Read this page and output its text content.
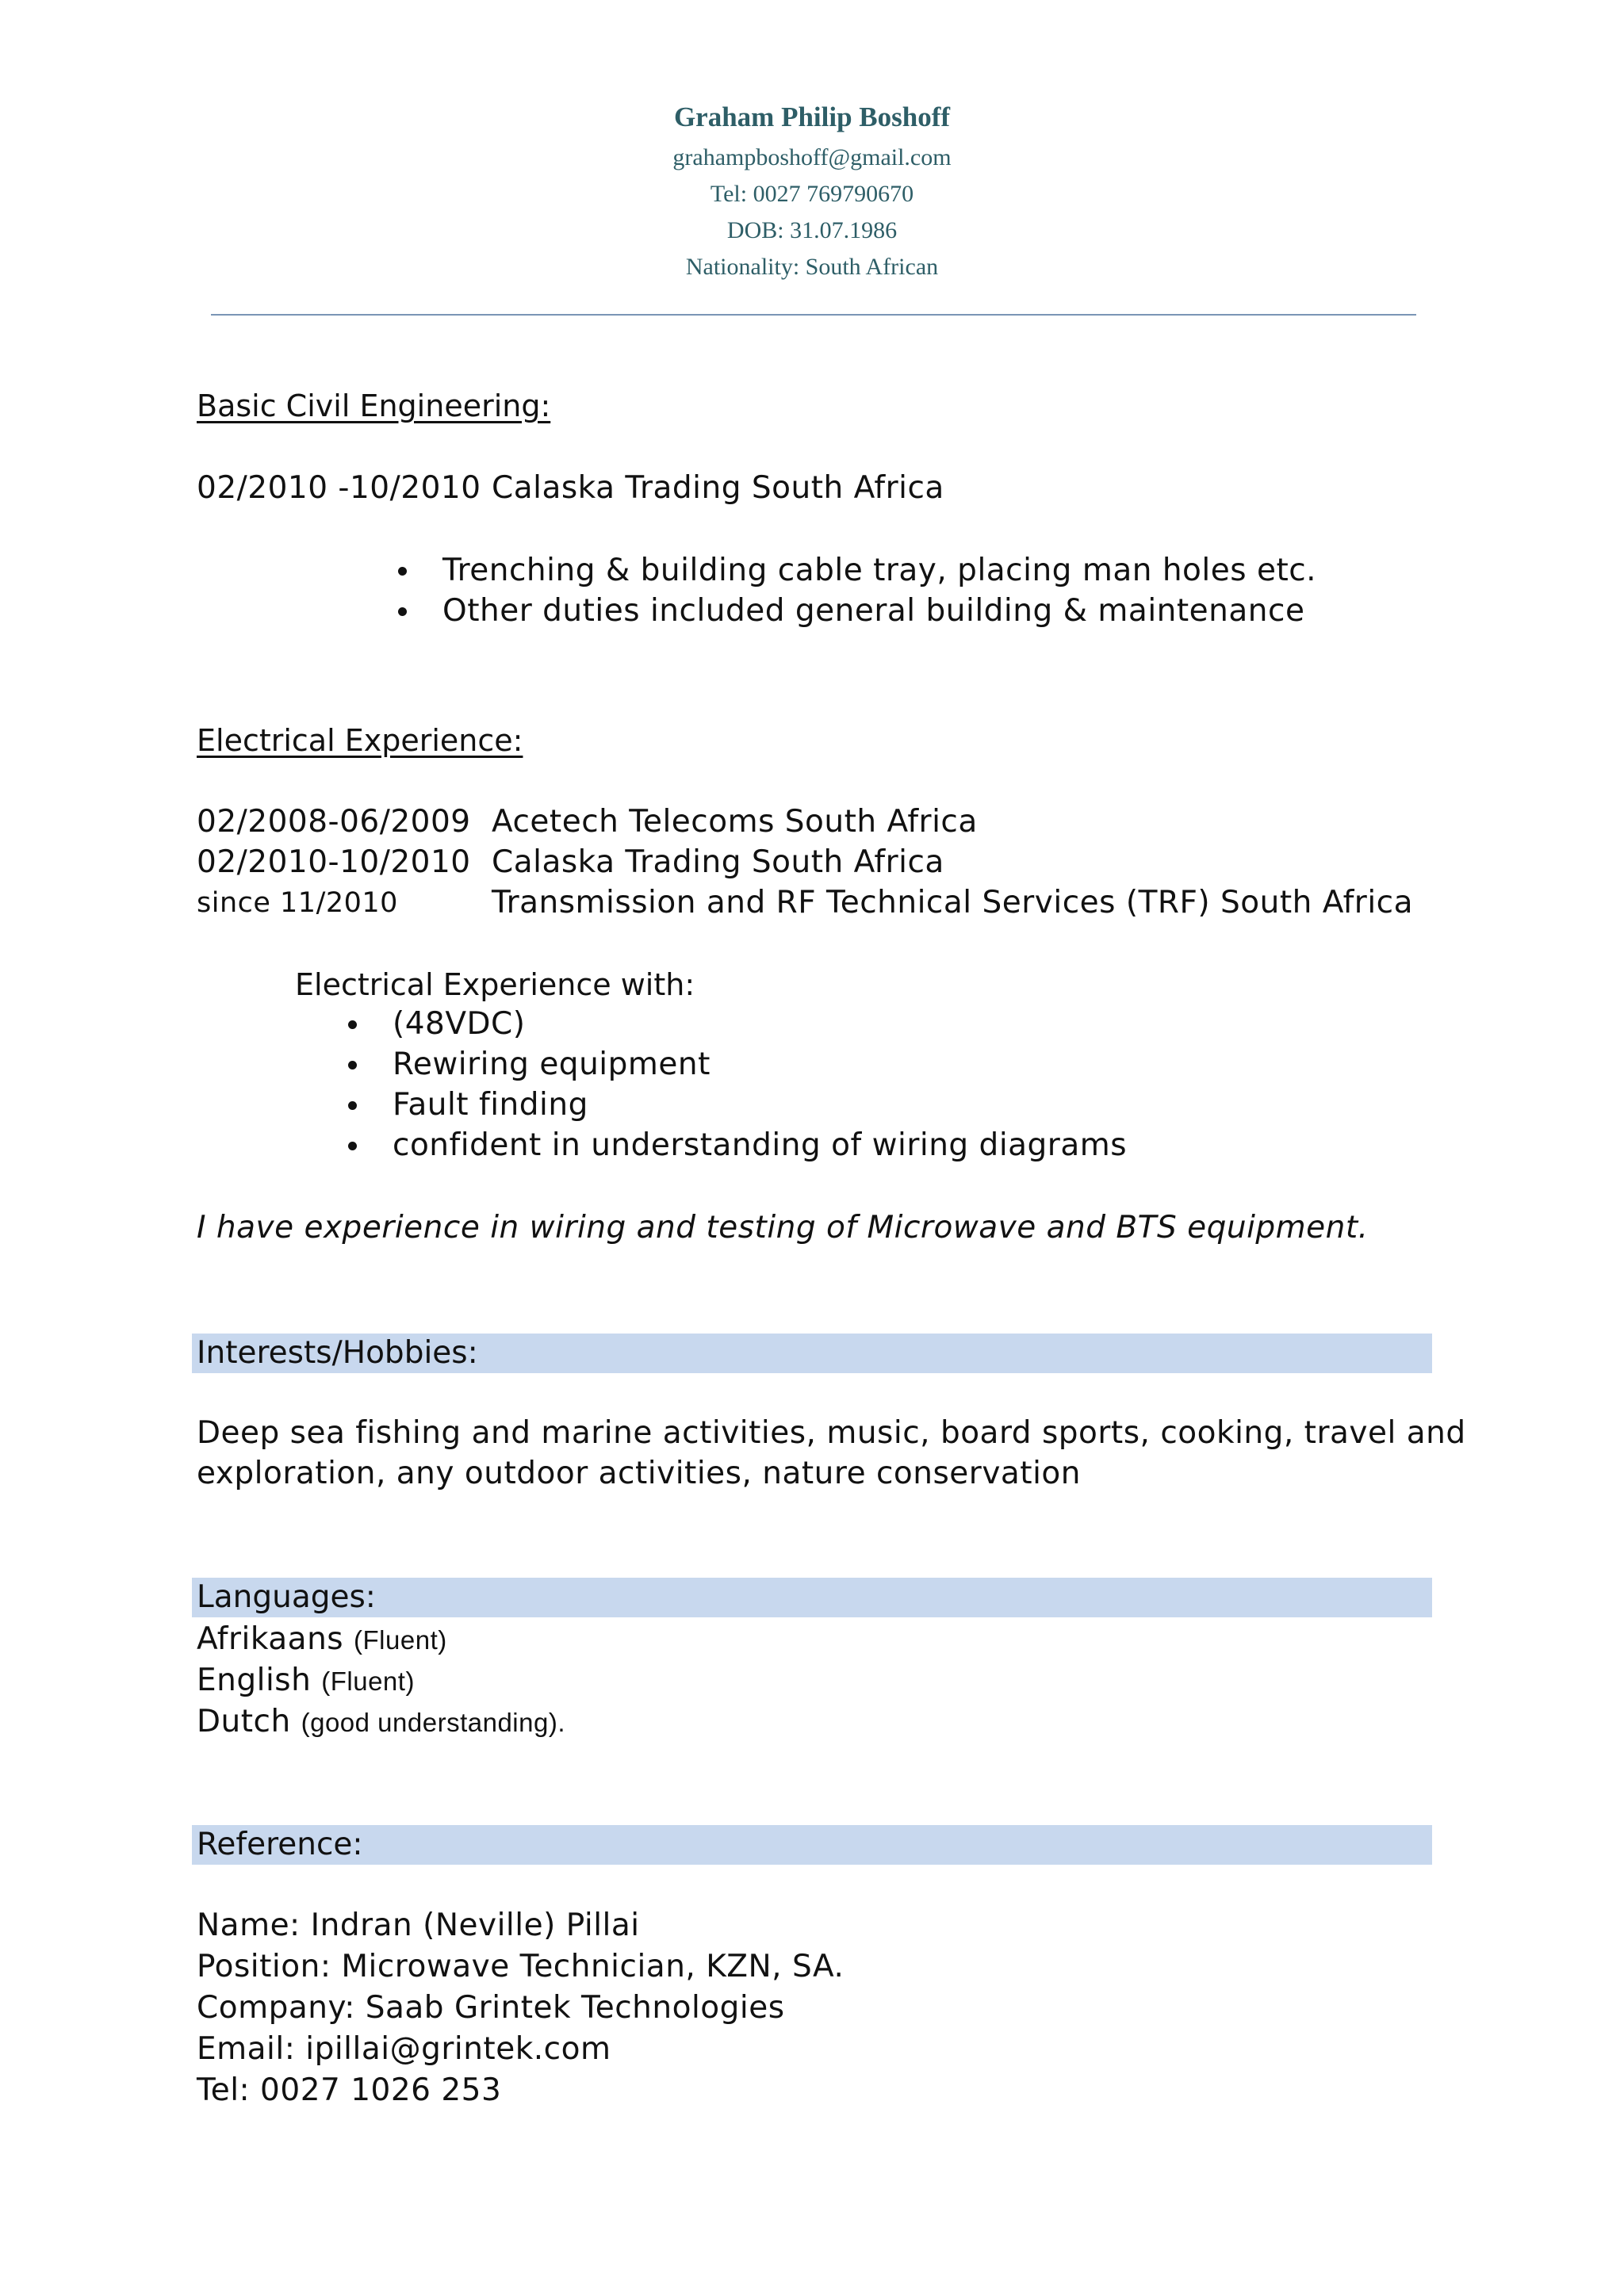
Graham Philip Boshoff
grahampboshoff@gmail.com
Tel: 0027 769790670
DOB: 31.07.1986
Nationality: South African
Basic Civil Engineering:
02/2010 -10/2010 Calaska Trading South Africa
Trenching & building cable tray, placing man holes etc.
Other duties included general building & maintenance
Electrical Experience:
02/2008-06/2009 Acetech Telecoms South Africa
02/2010-10/2010 Calaska Trading South Africa
since 11/2010	Transmission and RF Technical Services (TRF) South Africa
Electrical Experience with:
(48VDC)
Rewiring equipment
Fault finding
confident in understanding of wiring diagrams
I have experience in wiring and testing of Microwave and BTS equipment.
Interests/Hobbies:
Deep sea fishing and marine activities, music, board sports, cooking, travel and
exploration, any outdoor activities, nature conservation
Languages:
Afrikaans (Fluent)
English (Fluent)
Dutch (good understanding).
Reference:
Name: Indran (Neville) Pillai
Position: Microwave Technician, KZN, SA.
Company: Saab Grintek Technologies
Email: ipillai@grintek.com
Tel: 0027 1026 253
